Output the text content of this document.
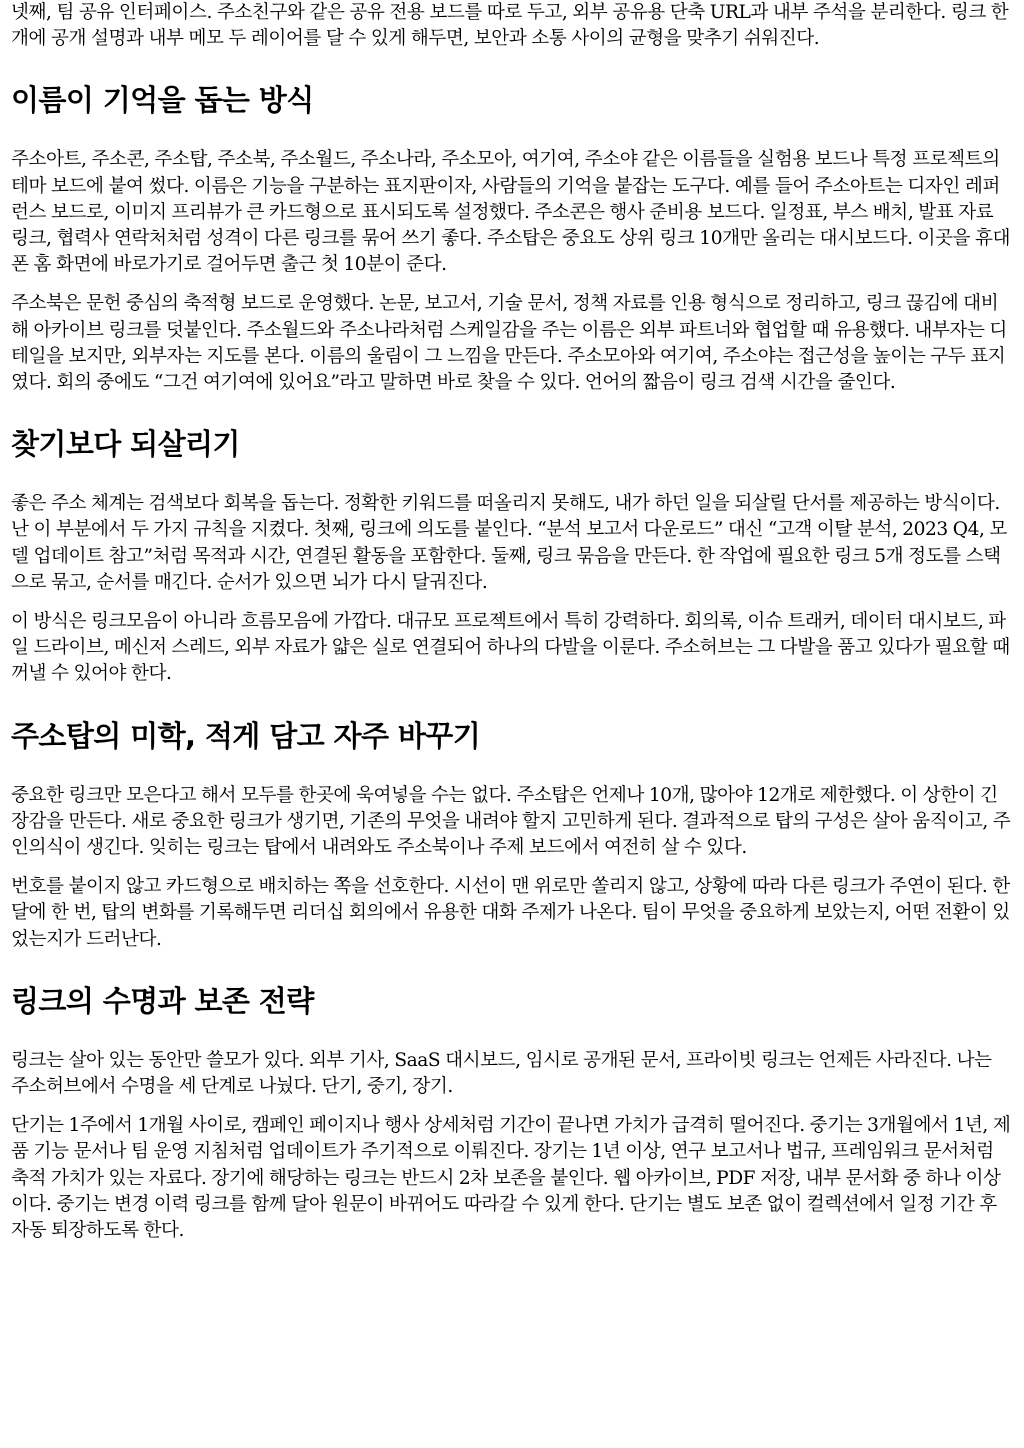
넷째, 팀 공유 인터페이스. 주소친구와 같은 공유 전용 보드를 따로 두고, 외부 공유용 단축 URL과 내부 주석을 분리한다. 링크 한 개에 공개 설명과 내부 메모 두 레이어를 달 수 있게 해두면, 보안과 소통 사이의 균형을 맞추기 쉬워진다.

이름이 기억을 돕는 방식

주소아트, 주소콘, 주소탑, 주소북, 주소월드, 주소나라, 주소모아, 여기여, 주소야 같은 이름들을 실험용 보드나 특정 프로젝트의 테마 보드에 붙여 썼다. 이름은 기능을 구분하는 표지판이자, 사람들의 기억을 붙잡는 도구다. 예를 들어 주소아트는 디자인 레퍼런스 보드로, 이미지 프리뷰가 큰 카드형으로 표시되도록 설정했다. 주소콘은 행사 준비용 보드다. 일정표, 부스 배치, 발표 자료 링크, 협력사 연락처처럼 성격이 다른 링크를 묶어 쓰기 좋다. 주소탑은 중요도 상위 링크 10개만 올리는 대시보드다. 이곳을 휴대폰 홈 화면에 바로가기로 걸어두면 출근 첫 10분이 준다.

주소북은 문헌 중심의 축적형 보드로 운영했다. 논문, 보고서, 기술 문서, 정책 자료를 인용 형식으로 정리하고, 링크 끊김에 대비해 아카이브 링크를 덧붙인다. 주소월드와 주소나라처럼 스케일감을 주는 이름은 외부 파트너와 협업할 때 유용했다. 내부자는 디테일을 보지만, 외부자는 지도를 본다. 이름의 울림이 그 느낌을 만든다. 주소모아와 여기여, 주소야는 접근성을 높이는 구두 표지였다. 회의 중에도 “그건 여기여에 있어요”라고 말하면 바로 찾을 수 있다. 언어의 짧음이 링크 검색 시간을 줄인다.

찾기보다 되살리기

좋은 주소 체계는 검색보다 회복을 돕는다. 정확한 키워드를 떠올리지 못해도, 내가 하던 일을 되살릴 단서를 제공하는 방식이다. 난 이 부분에서 두 가지 규칙을 지켰다. 첫째, 링크에 의도를 붙인다. “분석 보고서 다운로드” 대신 “고객 이탈 분석, 2023 Q4, 모델 업데이트 참고”처럼 목적과 시간, 연결된 활동을 포함한다. 둘째, 링크 묶음을 만든다. 한 작업에 필요한 링크 5개 정도를 스택으로 묶고, 순서를 매긴다. 순서가 있으면 뇌가 다시 달궈진다.

이 방식은 링크모음이 아니라 흐름모음에 가깝다. 대규모 프로젝트에서 특히 강력하다. 회의록, 이슈 트래커, 데이터 대시보드, 파일 드라이브, 메신저 스레드, 외부 자료가 얇은 실로 연결되어 하나의 다발을 이룬다. 주소허브는 그 다발을 품고 있다가 필요할 때 꺼낼 수 있어야 한다.

주소탑의 미학, 적게 담고 자주 바꾸기

중요한 링크만 모은다고 해서 모두를 한곳에 욱여넣을 수는 없다. 주소탑은 언제나 10개, 많아야 12개로 제한했다. 이 상한이 긴장감을 만든다. 새로 중요한 링크가 생기면, 기존의 무엇을 내려야 할지 고민하게 된다. 결과적으로 탑의 구성은 살아 움직이고, 주인의식이 생긴다. 잊히는 링크는 탑에서 내려와도 주소북이나 주제 보드에서 여전히 살 수 있다.

번호를 붙이지 않고 카드형으로 배치하는 쪽을 선호한다. 시선이 맨 위로만 쏠리지 않고, 상황에 따라 다른 링크가 주연이 된다. 한 달에 한 번, 탑의 변화를 기록해두면 리더십 회의에서 유용한 대화 주제가 나온다. 팀이 무엇을 중요하게 보았는지, 어떤 전환이 있었는지가 드러난다.

링크의 수명과 보존 전략

링크는 살아 있는 동안만 쓸모가 있다. 외부 기사, SaaS 대시보드, 임시로 공개된 문서, 프라이빗 링크는 언제든 사라진다. 나는 주소허브에서 수명을 세 단계로 나눴다. 단기, 중기, 장기.

단기는 1주에서 1개월 사이로, 캠페인 페이지나 행사 상세처럼 기간이 끝나면 가치가 급격히 떨어진다. 중기는 3개월에서 1년, 제품 기능 문서나 팀 운영 지침처럼 업데이트가 주기적으로 이뤄진다. 장기는 1년 이상, 연구 보고서나 법규, 프레임워크 문서처럼 축적 가치가 있는 자료다. 장기에 해당하는 링크는 반드시 2차 보존을 붙인다. 웹 아카이브, PDF 저장, 내부 문서화 중 하나 이상이다. 중기는 변경 이력 링크를 함께 달아 원문이 바뀌어도 따라갈 수 있게 한다. 단기는 별도 보존 없이 컬렉션에서 일정 기간 후 자동 퇴장하도록 한다.
